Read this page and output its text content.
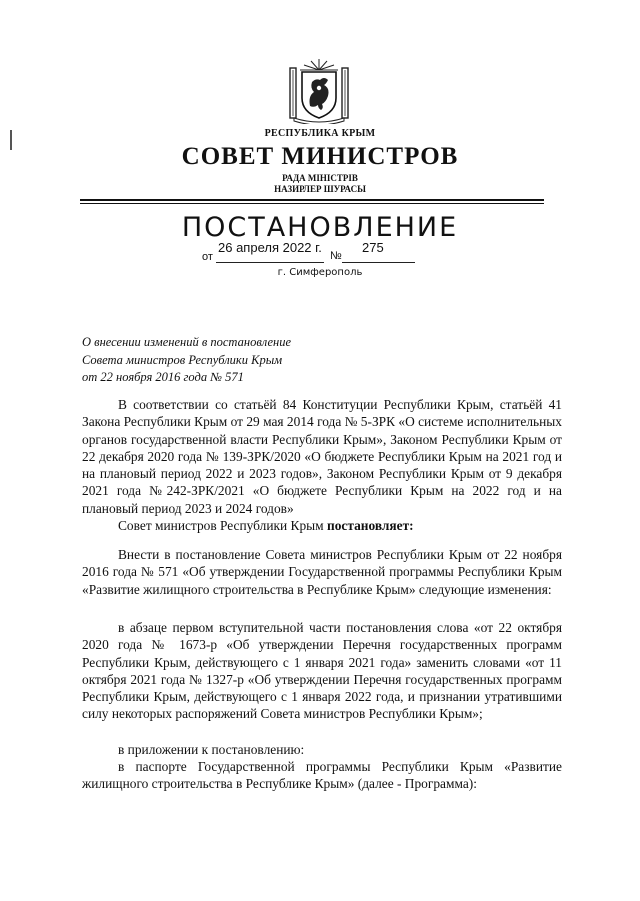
РЕСПУБЛИКА КРЫМ
СОВЕТ МИНИСТРОВ
РАДА МІНІСТРІВ
НАЗИРЛЕР ШУРАСЫ
ПОСТАНОВЛЕНИЕ
от
26 апреля 2022 г.
№
275
г. Симферополь
О внесении изменений в постановление
Совета министров Республики Крым
от 22 ноября 2016 года № 571

В соответствии со статьёй 84 Конституции Республики Крым, статьёй 41 Закона Республики Крым от 29 мая 2014 года № 5-ЗРК «О системе исполнительных органов государственной власти Республики Крым», Законом Республики Крым от 22 декабря 2020 года № 139-ЗРК/2020 «О бюджете Республики Крым на 2021 год и на плановый период 2022 и 2023 годов», Законом Республики Крым от 9 декабря 2021 года №242-ЗРК/2021 «О бюджете Республики Крым на 2022 год и на плановый период 2023 и 2024 годов»

Совет министров Республики Крым постановляет:

Внести в постановление Совета министров Республики Крым от 22 ноября 2016 года № 571 «Об утверждении Государственной программы Республики Крым «Развитие жилищного строительства в Республике Крым» следующие изменения:

в абзаце первом вступительной части постановления слова «от 22 октября 2020 года № 1673-р «Об утверждении Перечня государственных программ Республики Крым, действующего с 1 января 2021 года» заменить словами «от 11 октября 2021 года № 1327-р «Об утверждении Перечня государственных программ Республики Крым, действующего с 1 января 2022 года, и признании утратившими силу некоторых распоряжений Совета министров Республики Крым»;

в приложении к постановлению:

в паспорте Государственной программы Республики Крым «Развитие жилищного строительства в Республике Крым» (далее - Программа):
